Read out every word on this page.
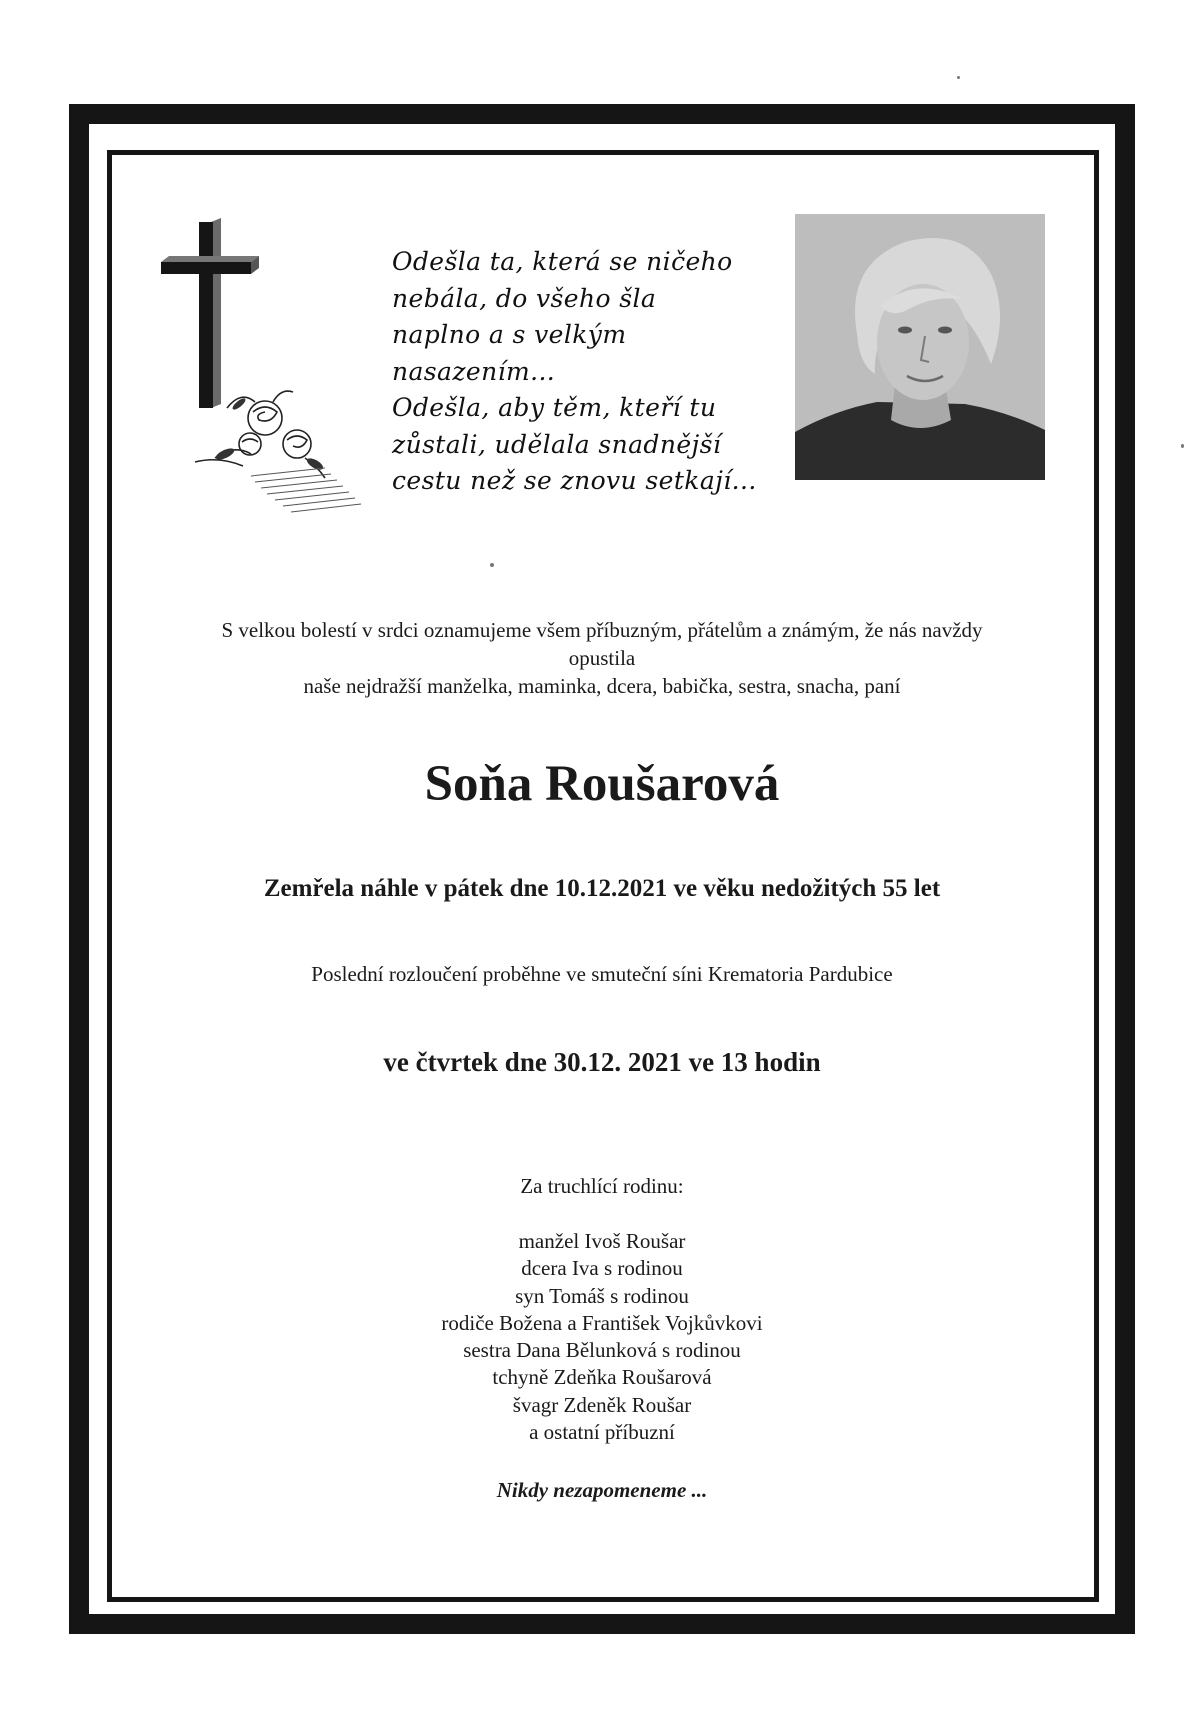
Odešla ta, která se ničeho
nebála, do všeho šla
naplno a s velkým
nasazením...
Odešla, aby těm, kteří tu
zůstali, udělala snadnější
cestu než se znovu setkají...
S velkou bolestí v srdci oznamujeme všem příbuzným, přátelům a známým, že nás navždy
opustila
naše nejdražší manželka, maminka, dcera, babička, sestra, snacha, paní
Soňa Roušarová
Zemřela náhle v pátek dne 10.12.2021 ve věku nedožitých 55 let
Poslední rozloučení proběhne ve smuteční síni Krematoria Pardubice
ve čtvrtek dne 30.12. 2021 ve 13 hodin
Za truchlící rodinu:
manžel Ivoš Roušar
dcera Iva s rodinou
syn Tomáš s rodinou
rodiče Božena a František Vojkůvkovi
sestra Dana Bělunková s rodinou
tchyně Zdeňka Roušarová
švagr Zdeněk Roušar
a ostatní příbuzní
Nikdy nezapomeneme ...
